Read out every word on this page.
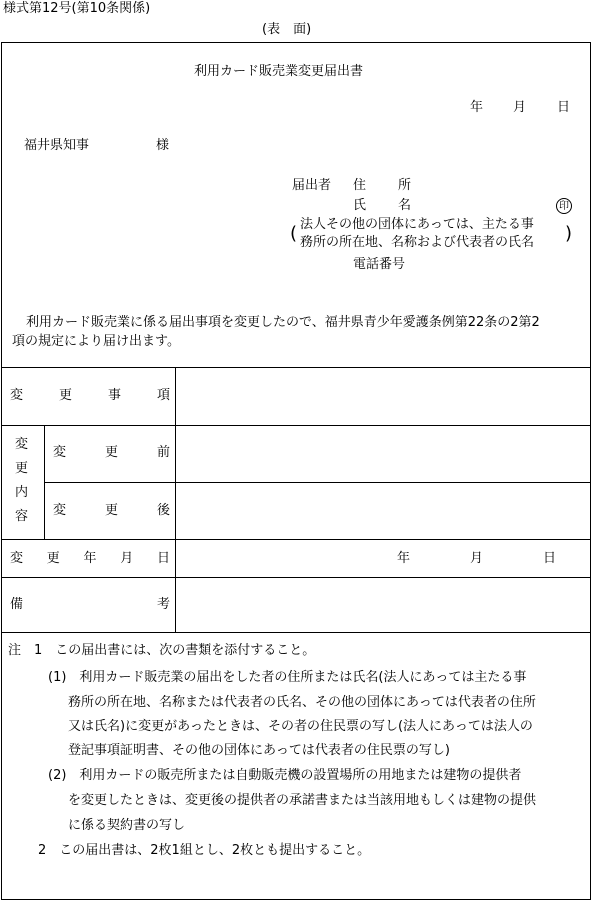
様式第12号(第10条関係)
(表　面)
利用カード販売業変更届出書
年 月 日
福井県知事	様
届出者 住 所
氏 名	印
( 法人その他の団体にあっては、主たる事
務所の所在地、名称および代表者の氏名 )
電話番号
利用カード販売業に係る届出事項を変更したので、福井県青少年愛護条例第22条の2第2
項の規定により届け出ます。
変	更	事	項
変
更
内
容
変	更	前
変	更	後
変 更 年 月 日	年	月	日
備	考
注　1　この届出書には、次の書類を添付すること。
(1)　利用カード販売業の届出をした者の住所または氏名(法人にあっては主たる事
務所の所在地、名称または代表者の氏名、その他の団体にあっては代表者の住所
又は氏名)に変更があったときは、その者の住民票の写し(法人にあっては法人の
登記事項証明書、その他の団体にあっては代表者の住民票の写し)
(2)　利用カードの販売所または自動販売機の設置場所の用地または建物の提供者
を変更したときは、変更後の提供者の承諾書または当該用地もしくは建物の提供
に係る契約書の写し
2　この届出書は、2枚1組とし、2枚とも提出すること。
